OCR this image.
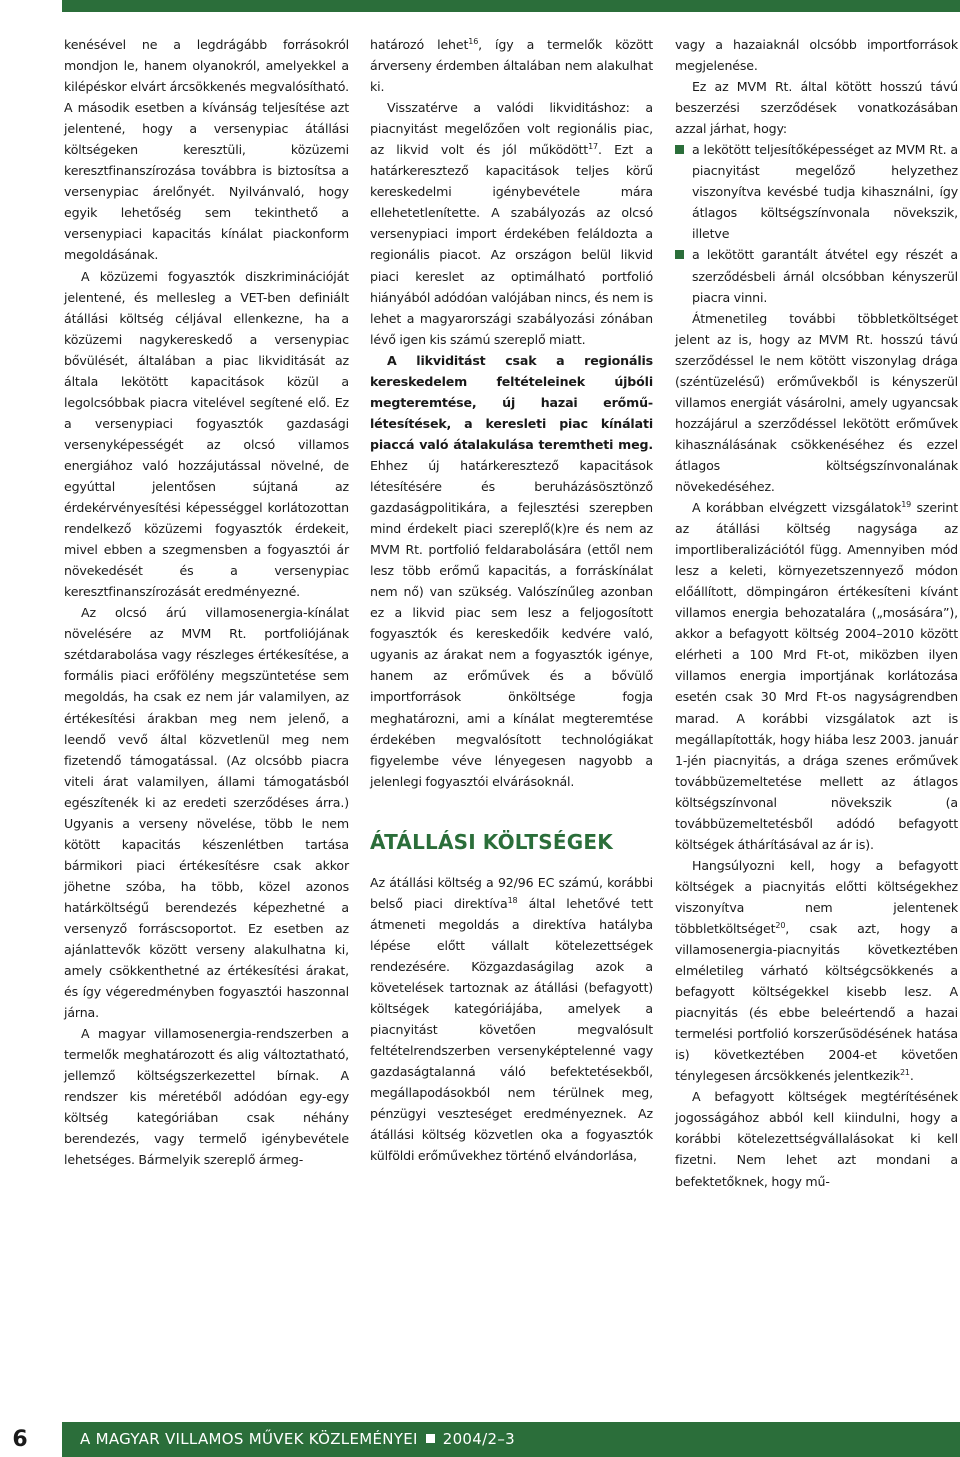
kenésével ne a legdrágább forrásokról mondjon le, hanem olyanokról, amelyekkel a kilépéskor elvárt árcsökkenés megvalósítható. A második esetben a kívánság teljesítése azt jelentené, hogy a versenypiac átállási költségeken keresztüli, közüzemi keresztfinanszírozása továbbra is biztosítsa a versenypiac árelőnyét. Nyilvánvaló, hogy egyik lehetőség sem tekinthető a versenypiaci kapacitás kínálat piackonform megoldásának.

A közüzemi fogyasztók diszkriminációját jelentené, és mellesleg a VET-ben definiált átállási költség céljával ellenkezne, ha a közüzemi nagykereskedő a versenypiac bővülését, általában a piac likviditását az általa lekötött kapacitások közül a legolcsóbbak piacra vitelével segítené elő. Ez a versenypiaci fogyasztók gazdasági versenyképességét az olcsó villamos energiához való hozzájutással növelné, de egyúttal jelentősen sújtaná az érdekérvényesítési képességgel korlátozottan rendelkező közüzemi fogyasztók érdekeit, mivel ebben a szegmensben a fogyasztói ár növekedését és a versenypiac keresztfinanszírozását eredményezné.

Az olcsó árú villamosenergia-kínálat növelésére az MVM Rt. portfoliójának szétdarabolása vagy részleges értékesítése, a formális piaci erőfölény megszüntetése sem megoldás, ha csak ez nem jár valamilyen, az értékesítési árakban meg nem jelenő, a leendő vevő által közvetlenül meg nem fizetendő támogatással. (Az olcsóbb piacra viteli árat valamilyen, állami támogatásból egészítenék ki az eredeti szerződéses árra.) Ugyanis a verseny növelése, több le nem kötött kapacitás készenlétben tartása bármikori piaci értékesítésre csak akkor jöhetne szóba, ha több, közel azonos határköltségű berendezés képezhetné a versenyző forráscsoportot. Ez esetben az ajánlattevők között verseny alakulhatna ki, amely csökkenthetné az értékesítési árakat, és így végeredményben fogyasztói haszonnal járna.

A magyar villamosenergia-rendszerben a termelők meghatározott és alig változtatható, jellemző költségszerkezettel bírnak. A rendszer kis méretéből adódóan egy-egy költség kategóriában csak néhány berendezés, vagy termelő igénybevétele lehetséges. Bármelyik szereplő ármeg-

határozó lehet$^{16}$, így a termelők között árverseny érdemben általában nem alakulhat ki.

Visszatérve a valódi likviditáshoz: a piacnyitást megelőzően volt regionális piac, az likvid volt és jól működött$^{17}$. Ezt a határkeresztező kapacitások teljes körű kereskedelmi igénybevétele mára ellehetetlenítette. A szabályozás az olcsó versenypiaci import érdekében feláldozta a regionális piacot. Az országon belül likvid piaci kereslet az optimálható portfolió hiányából adódóan valójában nincs, és nem is lehet a magyarországi szabályozási zónában lévő igen kis számú szereplő miatt.

A likviditást csak a regionális kereskedelem feltételeinek újbóli megteremtése, új hazai erőmű-létesítések, a keresleti piac kínálati piaccá való átalakulása teremtheti meg. Ehhez új határkeresztező kapacitások létesítésére és beruházásösztönző gazdaságpolitikára, a fejlesztési szerepben mind érdekelt piaci szereplő(k)re és nem az MVM Rt. portfolió feldarabolására (ettől nem lesz több erőmű kapacitás, a forráskínálat nem nő) van szükség. Valószínűleg azonban ez a likvid piac sem lesz a feljogosított fogyasztók és kereskedőik kedvére való, ugyanis az árakat nem a fogyasztók igénye, hanem az erőművek és a bővülő importforrások önköltsége fogja meghatározni, ami a kínálat megteremtése érdekében megvalósított technológiákat figyelembe véve lényegesen nagyobb a jelenlegi fogyasztói elvárásoknál.

ÁTÁLLÁSI KÖLTSÉGEK

Az átállási költség a 92/96 EC számú, korábbi belső piaci direktíva$^{18}$ által lehetővé tett átmeneti megoldás a direktíva hatályba lépése előtt vállalt kötelezettségek rendezésére. Közgazdaságilag azok a követelések tartoznak az átállási (befagyott) költségek kategóriájába, amelyek a piacnyitást követően megvalósult feltételrendszerben versenyképtelenné vagy gazdaságtalanná váló befektetésekből, megállapodásokból nem térülnek meg, pénzügyi veszteséget eredményeznek. Az átállási költség közvetlen oka a fogyasztók külföldi erőművekhez történő elvándorlása,

vagy a hazaiaknál olcsóbb importforrások megjelenése.

Ez az MVM Rt. által kötött hosszú távú beszerzési szerződések vonatkozásában azzal járhat, hogy:

a lekötött teljesítőképességet az MVM Rt. a piacnyitást megelőző helyzethez viszonyítva kevésbé tudja kihasználni, így átlagos költségszínvonala növekszik, illetve
a lekötött garantált átvétel egy részét a szerződésbeli árnál olcsóbban kényszerül piacra vinni.

Átmenetileg további többletköltséget jelent az is, hogy az MVM Rt. hosszú távú szerződéssel le nem kötött viszonylag drága (széntüzelésű) erőművekből is kényszerül villamos energiát vásárolni, amely ugyancsak hozzájárul a szerződéssel lekötött erőművek kihasználásának csökkenéséhez és ezzel átlagos költségszínvonalának növekedéséhez.

A korábban elvégzett vizsgálatok$^{19}$ szerint az átállási költség nagysága az importliberalizációtól függ. Amennyiben mód lesz a keleti, környezetszennyező módon előállított, dömpingáron értékesíteni kívánt villamos energia behozatalára („mosására”), akkor a befagyott költség 2004–2010 között elérheti a 100 Mrd Ft-ot, miközben ilyen villamos energia importjának korlátozása esetén csak 30 Mrd Ft-os nagyságrendben marad. A korábbi vizsgálatok azt is megállapították, hogy hiába lesz 2003. január 1-jén piacnyitás, a drága szenes erőművek továbbüzemeltetése mellett az átlagos költségszínvonal növekszik (a továbbüzemeltetésből adódó befagyott költségek áthárításával az ár is).

Hangsúlyozni kell, hogy a befagyott költségek a piacnyitás előtti költségekhez viszonyítva nem jelentenek többletköltséget$^{20}$, csak azt, hogy a villamosenergia-piacnyitás következtében elméletileg várható költségcsökkenés a befagyott költségekkel kisebb lesz. A piacnyitás (és ebbe beleértendő a hazai termelési portfolió korszerűsödésének hatása is) következtében 2004-et követően ténylegesen árcsökkenés jelentkezik$^{21}$.

A befagyott költségek megtérítésének jogosságához abból kell kiindulni, hogy a korábbi kötelezettségvállalásokat ki kell fizetni. Nem lehet azt mondani a befektetőknek, hogy mű-

6	A MAGYAR VILLAMOS MŰVEK KÖZLEMÉNYEI 2004/2–3
